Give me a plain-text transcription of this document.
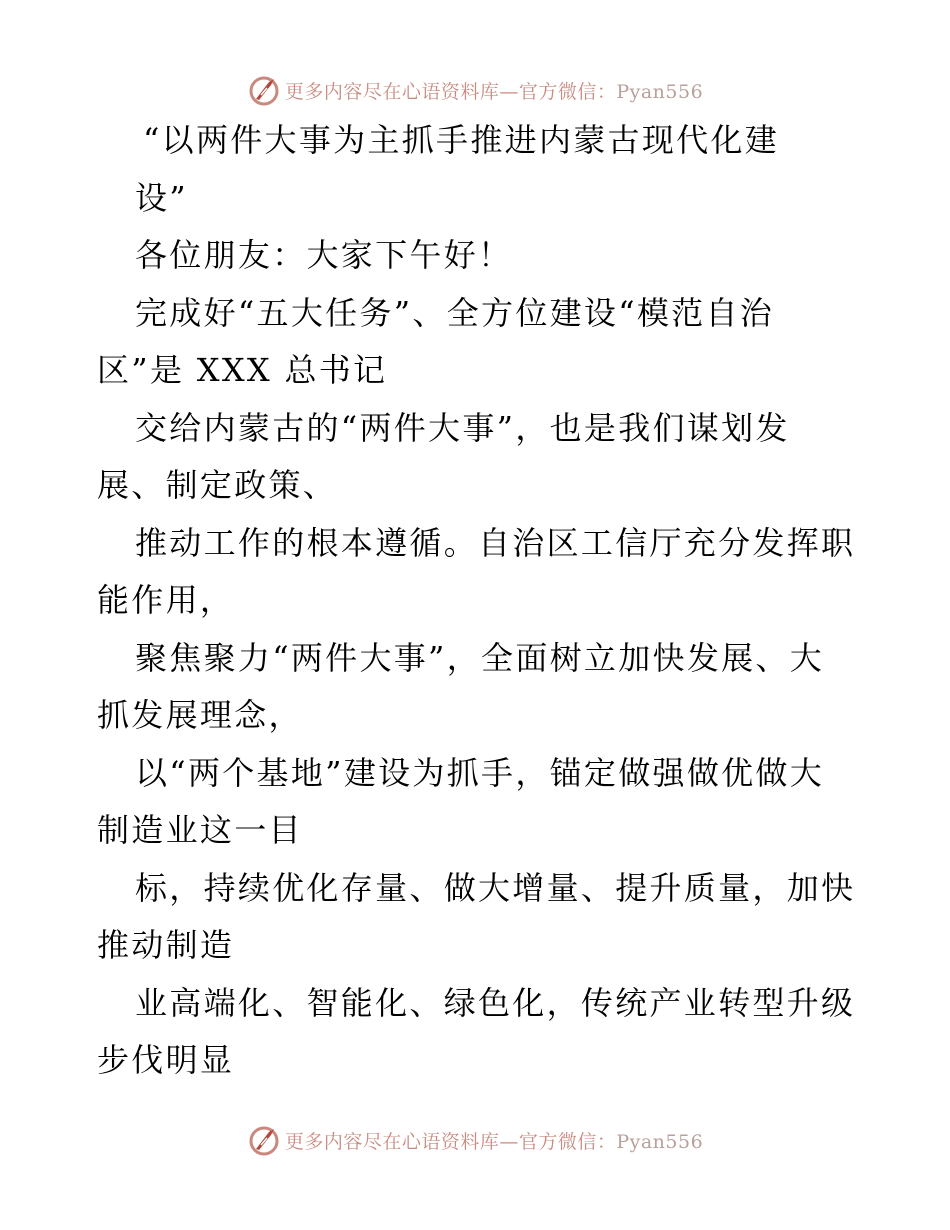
更多内容尽在心语资料库—官方微信：Pyan556
“以两件大事为主抓手推进内蒙古现代化建
设”
各位朋友：大家下午好！
完成好“五大任务”、全方位建设“模范自治
区”是 XXX 总书记
交给内蒙古的“两件大事”，也是我们谋划发
展、制定政策、
推动工作的根本遵循。自治区工信厅充分发挥职
能作用，
聚焦聚力“两件大事”，全面树立加快发展、大
抓发展理念，
以“两个基地”建设为抓手，锚定做强做优做大
制造业这一目
标，持续优化存量、做大增量、提升质量，加快
推动制造
业高端化、智能化、绿色化，传统产业转型升级
步伐明显
更多内容尽在心语资料库—官方微信：Pyan556
